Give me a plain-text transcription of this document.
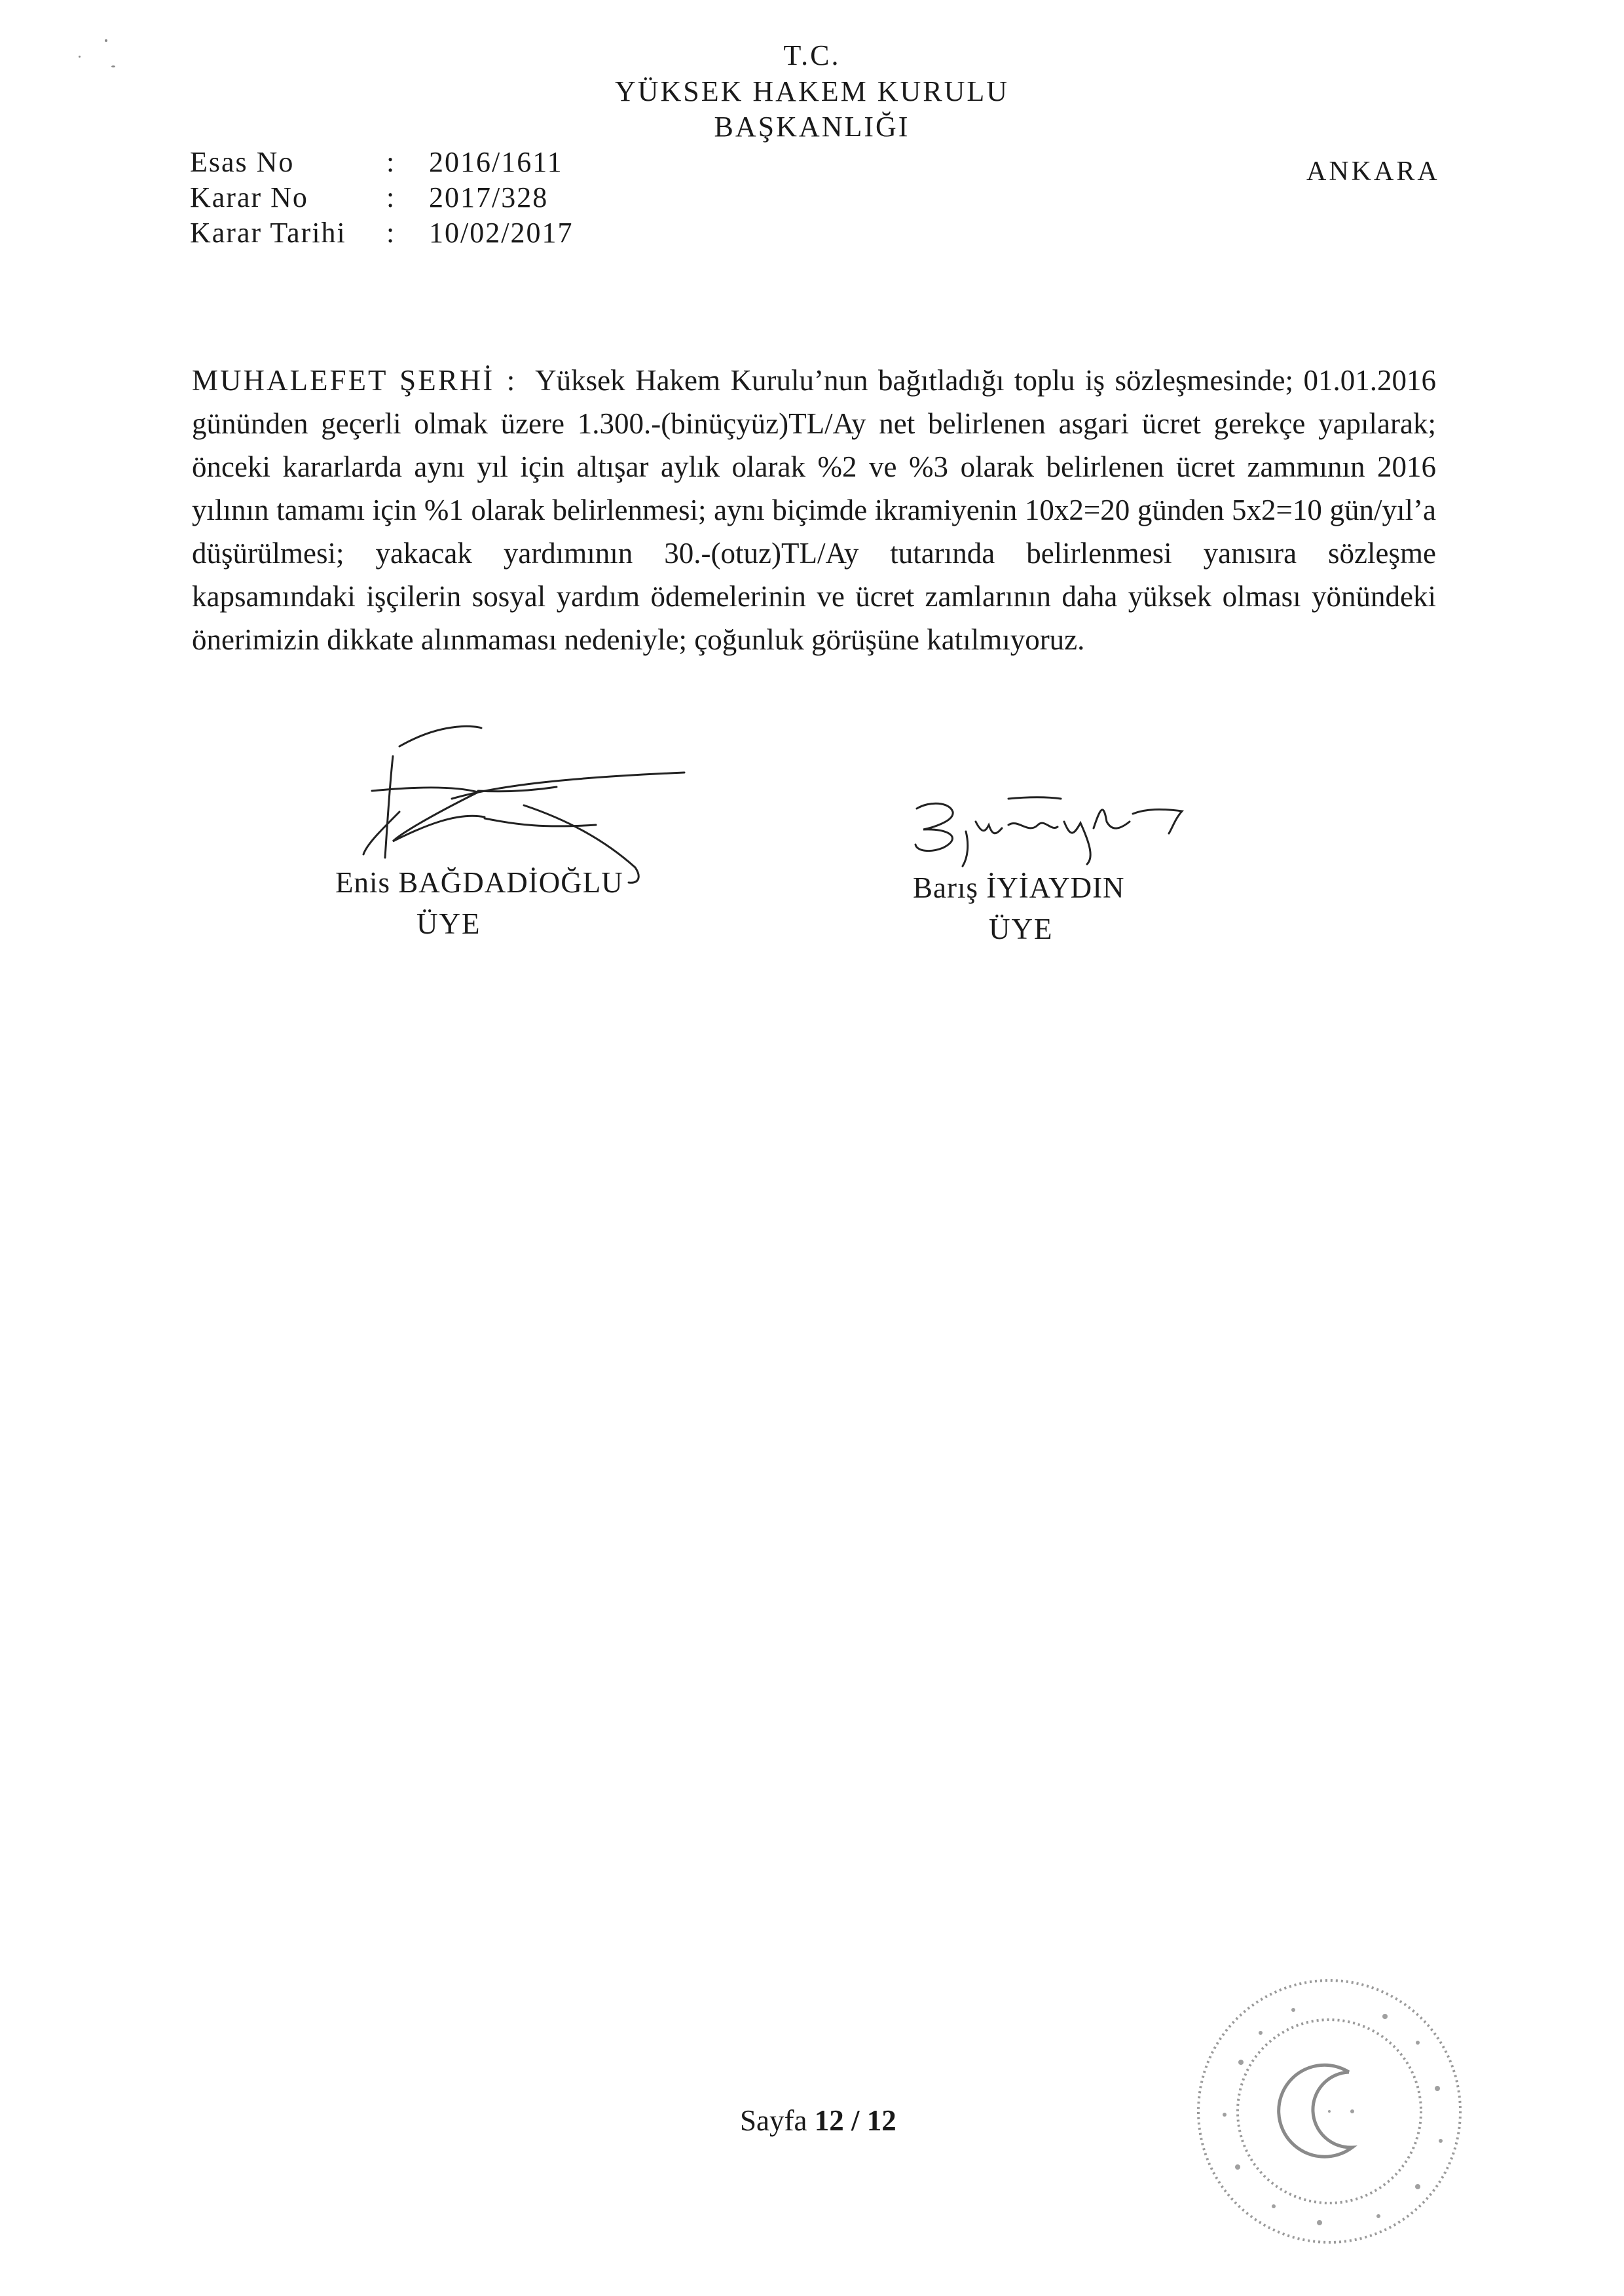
T.C.
YÜKSEK HAKEM KURULU
BAŞKANLIĞI
ANKARA
Esas No	: 2016/1611
Karar No	: 2017/328
Karar Tarihi : 10/02/2017
MUHALEFET ŞERHİ : Yüksek Hakem Kurulu’nun bağıtladığı toplu iş sözleşmesinde; 01.01.2016 gününden geçerli olmak üzere 1.300.-(binüçyüz)TL/Ay net belirlenen asgari ücret gerekçe yapılarak; önceki kararlarda aynı yıl için altışar aylık olarak %2 ve %3 olarak belirlenen ücret zammının 2016 yılının tamamı için %1 olarak belirlenmesi; aynı biçimde ikramiyenin 10x2=20 günden 5x2=10 gün/yıl’a düşürülmesi; yakacak yardımının 30.-(otuz)TL/Ay tutarında belirlenmesi yanısıra sözleşme kapsamındaki işçilerin sosyal yardım ödemelerinin ve ücret zamlarının daha yüksek olması yönündeki önerimizin dikkate alınmaması nedeniyle; çoğunluk görüşüne katılmıyoruz.
Enis BAĞDADİOĞLU
ÜYE
Barış İYİAYDIN
ÜYE
Sayfa 12 / 12
